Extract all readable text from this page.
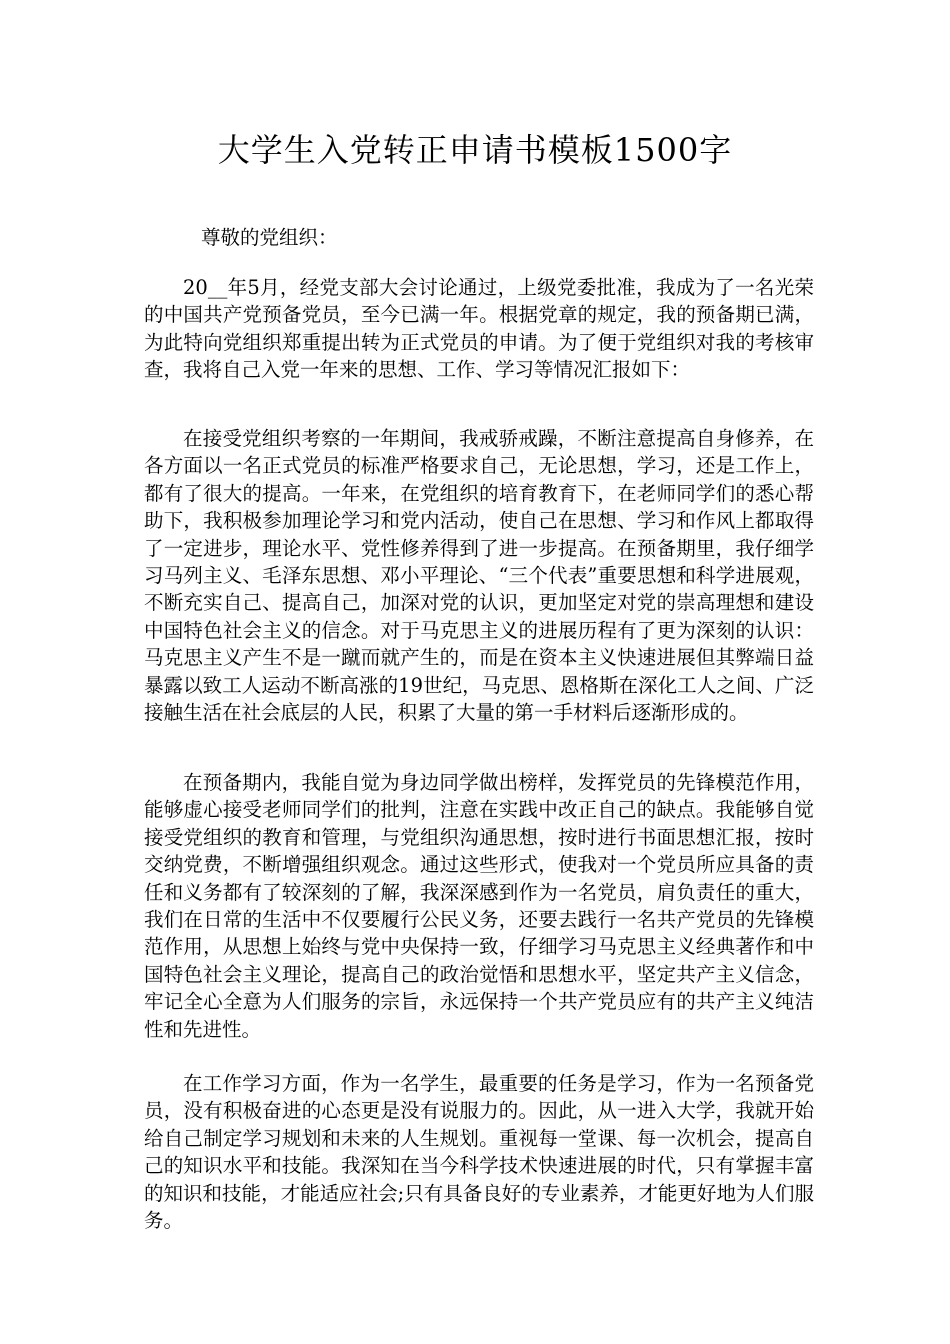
大学生入党转正申请书模板1500字
尊敬的党组织：

20__年5月，经党支部大会讨论通过，上级党委批准，我成为了一名光荣的中国共产党预备党员，至今已满一年。根据党章的规定，我的预备期已满，为此特向党组织郑重提出转为正式党员的申请。为了便于党组织对我的考核审查，我将自己入党一年来的思想、工作、学习等情况汇报如下：

在接受党组织考察的一年期间，我戒骄戒躁，不断注意提高自身修养，在各方面以一名正式党员的标准严格要求自己，无论思想，学习，还是工作上，都有了很大的提高。一年来，在党组织的培育教育下，在老师同学们的悉心帮助下，我积极参加理论学习和党内活动，使自己在思想、学习和作风上都取得了一定进步，理论水平、党性修养得到了进一步提高。在预备期里，我仔细学习马列主义、毛泽东思想、邓小平理论、“三个代表”重要思想和科学进展观，不断充实自己、提高自己，加深对党的认识，更加坚定对党的崇高理想和建设中国特色社会主义的信念。对于马克思主义的进展历程有了更为深刻的认识：马克思主义产生不是一蹴而就产生的，而是在资本主义快速进展但其弊端日益暴露以致工人运动不断高涨的19世纪，马克思、恩格斯在深化工人之间、广泛接触生活在社会底层的人民，积累了大量的第一手材料后逐渐形成的。

在预备期内，我能自觉为身边同学做出榜样，发挥党员的先锋模范作用，能够虚心接受老师同学们的批判，注意在实践中改正自己的缺点。我能够自觉接受党组织的教育和管理，与党组织沟通思想，按时进行书面思想汇报，按时交纳党费，不断增强组织观念。通过这些形式，使我对一个党员所应具备的责任和义务都有了较深刻的了解，我深深感到作为一名党员，肩负责任的重大，我们在日常的生活中不仅要履行公民义务，还要去践行一名共产党员的先锋模范作用，从思想上始终与党中央保持一致，仔细学习马克思主义经典著作和中国特色社会主义理论，提高自己的政治觉悟和思想水平，坚定共产主义信念，牢记全心全意为人们服务的宗旨，永远保持一个共产党员应有的共产主义纯洁性和先进性。

在工作学习方面，作为一名学生，最重要的任务是学习，作为一名预备党员，没有积极奋进的心态更是没有说服力的。因此，从一进入大学，我就开始给自己制定学习规划和未来的人生规划。重视每一堂课、每一次机会，提高自己的知识水平和技能。我深知在当今科学技术快速进展的时代，只有掌握丰富的知识和技能，才能适应社会;只有具备良好的专业素养，才能更好地为人们服务。
